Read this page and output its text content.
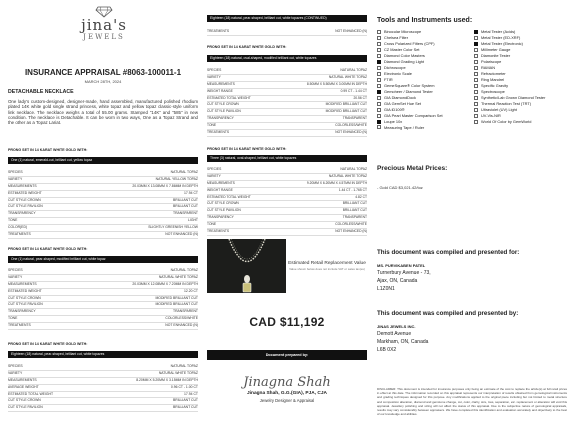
jina's
JEWELS
INSURANCE APPRAISAL #8063-100011-1
MARCH 28TH, 2024
DETACHABLE NECKLACE
One lady's custom-designed, designer-made, hand assembled, manufactured polished rhodium plated 14K white gold single strand princess, white topaz and yellow topaz classic-style uniform link necklace. The necklace weighs a total of 55.00 grams. Stamped "14K" and "585" in new condition. The necklace is Detachable. It can be worn in two ways, One as a Topaz Strand and the other as a Topaz Lariat.
PRONG SET IN 14 KARAT WHITE GOLD WITH:
One (1) natural, emerald-cut, brilliant cut, yellow topaz
SPECIES	NATURAL TOPAZ
VARIETY	NATURAL YELLOW TOPAZ
MEASUREMENTS	20.03MM X 13.08MM X 7.86MM IN DEPTH
ESTIMATED WEIGHT	17.94 CT
CUT STYLE CROWN	BRILLIANT CUT
CUT STYLE PAVILION	BRILLIANT CUT
TRANSPARENCY	TRANSPARENT
TONE	LIGHT
COLOR(ED)	SLIGHTLY GREENISH YELLOW
TREATMENTS	NOT ENHANCED (N)
PRONG SET IN 14 KARAT WHITE GOLD WITH:
One (1) natural, pear-shaped, modified brilliant cut, white topaz
SPECIES	NATURAL TOPAZ
VARIETY	NATURAL WHITE TOPAZ
MEASUREMENTS	20.03MM X 12.08MM X 7.20MM IN DEPTH
ESTIMATED WEIGHT	12.20 CT
CUT STYLE CROWN	MODIFIED BRILLIANT CUT
CUT STYLE PAVILION	MODIFIED BRILLIANT CUT
TRANSPARENCY	TRANSPARENT
TONE	COLORLESS/WHITE
TREATMENTS	NOT ENHANCED (N)
PRONG SET IN 14 KARAT WHITE GOLD WITH:
Eighteen (18) natural, pear-shaped, brilliant cut, white topazes
SPECIES	NATURAL TOPAZ
VARIETY	NATURAL WHITE TOPAZ
MEASUREMENTS	8.20MM X 5.20MM X 3.15MM IN DEPTH
AVERAGE WEIGHT	0.96 CT - 1.00 CT
ESTIMATED TOTAL WEIGHT	17.94 CT
CUT STYLE CROWN	BRILLIANT CUT
CUT STYLE PAVILION	BRILLIANT CUT
Eighteen (18) natural, pear-shaped, brilliant cut, white topazes (CONTINUED)
TREATMENTS	NOT ENHANCED (N)
PRONG SET IN 14 KARAT WHITE GOLD WITH:
Eighteen (18) natural, oval-shaped, modified brilliant cut, white topazes
SPECIES	NATURAL TOPAZ
VARIETY	NATURAL WHITE TOPAZ
MEASUREMENTS	8.50MM X 5.50MM X 3.00MM IN DEPTH
WEIGHT RANGE	0.99 CT - 1.44 CT
ESTIMATED TOTAL WEIGHT	20.56 CT
CUT STYLE CROWN	MODIFIED BRILLIANT CUT
CUT STYLE PAVILION	MODIFIED BRILLIANT CUT
TRANSPARENCY	TRANSPARENT
TONE	COLORLESS/WHITE
TREATMENTS	NOT ENHANCED (N)
PRONG SET IN 14 KARAT WHITE GOLD WITH:
Three (3) natural, oval-shaped, brilliant cut, white topazes
SPECIES	NATURAL TOPAZ
VARIETY	NATURAL WHITE TOPAZ
MEASUREMENTS	9.20MM X 6.20MM X 4.57MM IN DEPTH
WEIGHT RANGE	1.44 CT - 1.765 CT
ESTIMATED TOTAL WEIGHT	4.82 CT
CUT STYLE CROWN	BRILLIANT CUT
CUT STYLE PAVILION	BRILLIANT CUT
TRANSPARENCY	TRANSPARENT
TONE	COLORLESS/WHITE
TREATMENTS	NOT ENHANCED (N)
Estimated Retail Replacement Value
Value shown below does not include VAT or sales tax(es)
CAD $11,192
Document prepared by:
Jinagna Shah
Jinagna Shah, G.G.(GIA), PJA, CJA
Jewelry Designer & Appraisal
Tools and Instruments used:
Binocular Microscope	Metal Tester (Acids)
Chelsea Filter	Metal Tester (ED-XRF)
Cross Polarized Filters (CPF)	Metal Tester (Electronic)
CZ Master Color Set	Millimeter Gauge
Diamond Color Masters	Diamonite Tester
Diamond Grading Light	Polariscope
Dichroscope	RAMAN
Electronic Scale	Refractometer
FTIR	Ring Mandrel
GemeSquare® Color System	Specific Gravity
Gemoheer / Diamond Tester	Spectroscope
GIA DiamondDock	Synthetic/Lab Grown Diamond Tester
GIA GemSet Hue Set	Thermal Reaction Test (TRT)
GIA iD100®	Ultraviolet (UV) Light
GIA Pearl Master Comparison Set	UV-Vis-NIR
Loupe 10x	World Of Color by GemWorld
Measuring Tape / Ruler
Precious Metal Prices:
- Gold CAD $3,021.42/toz
This document was compiled and presented for:
MS. PURVIKABEN PATEL
Turnerbury Avenue - 73,
Ajax, ON, Canada
L1Z0N1
This document was compiled and presented by:
JINAS JEWELS INC.
Demott Avenue
Markham, ON, Canada
L6B 0X2
DISCLAIMER: This document is intended for insurance purposes only being an estimate of the cost to replace the article(s) at full retail prices in effect at this date. The information recorded on this appraisal represents our interpretation of results obtained from gemological instruments and grading techniques designed for this purpose. Any modifications applied to the original piece including but not limited to metal structure and composition alteration, diamond and gemstone change, cut, color, clarity, size, loss, separation, etc. replacement or alteration will void this appraisal. Jewellery polishing and sizing will not affect the status of this appraisal. Due to the subjective nature of gemological appraisals, results may vary considerably between appraisers. We have completed this identification and evaluation accurately and objectively to the best of our knowledge and abilities.
